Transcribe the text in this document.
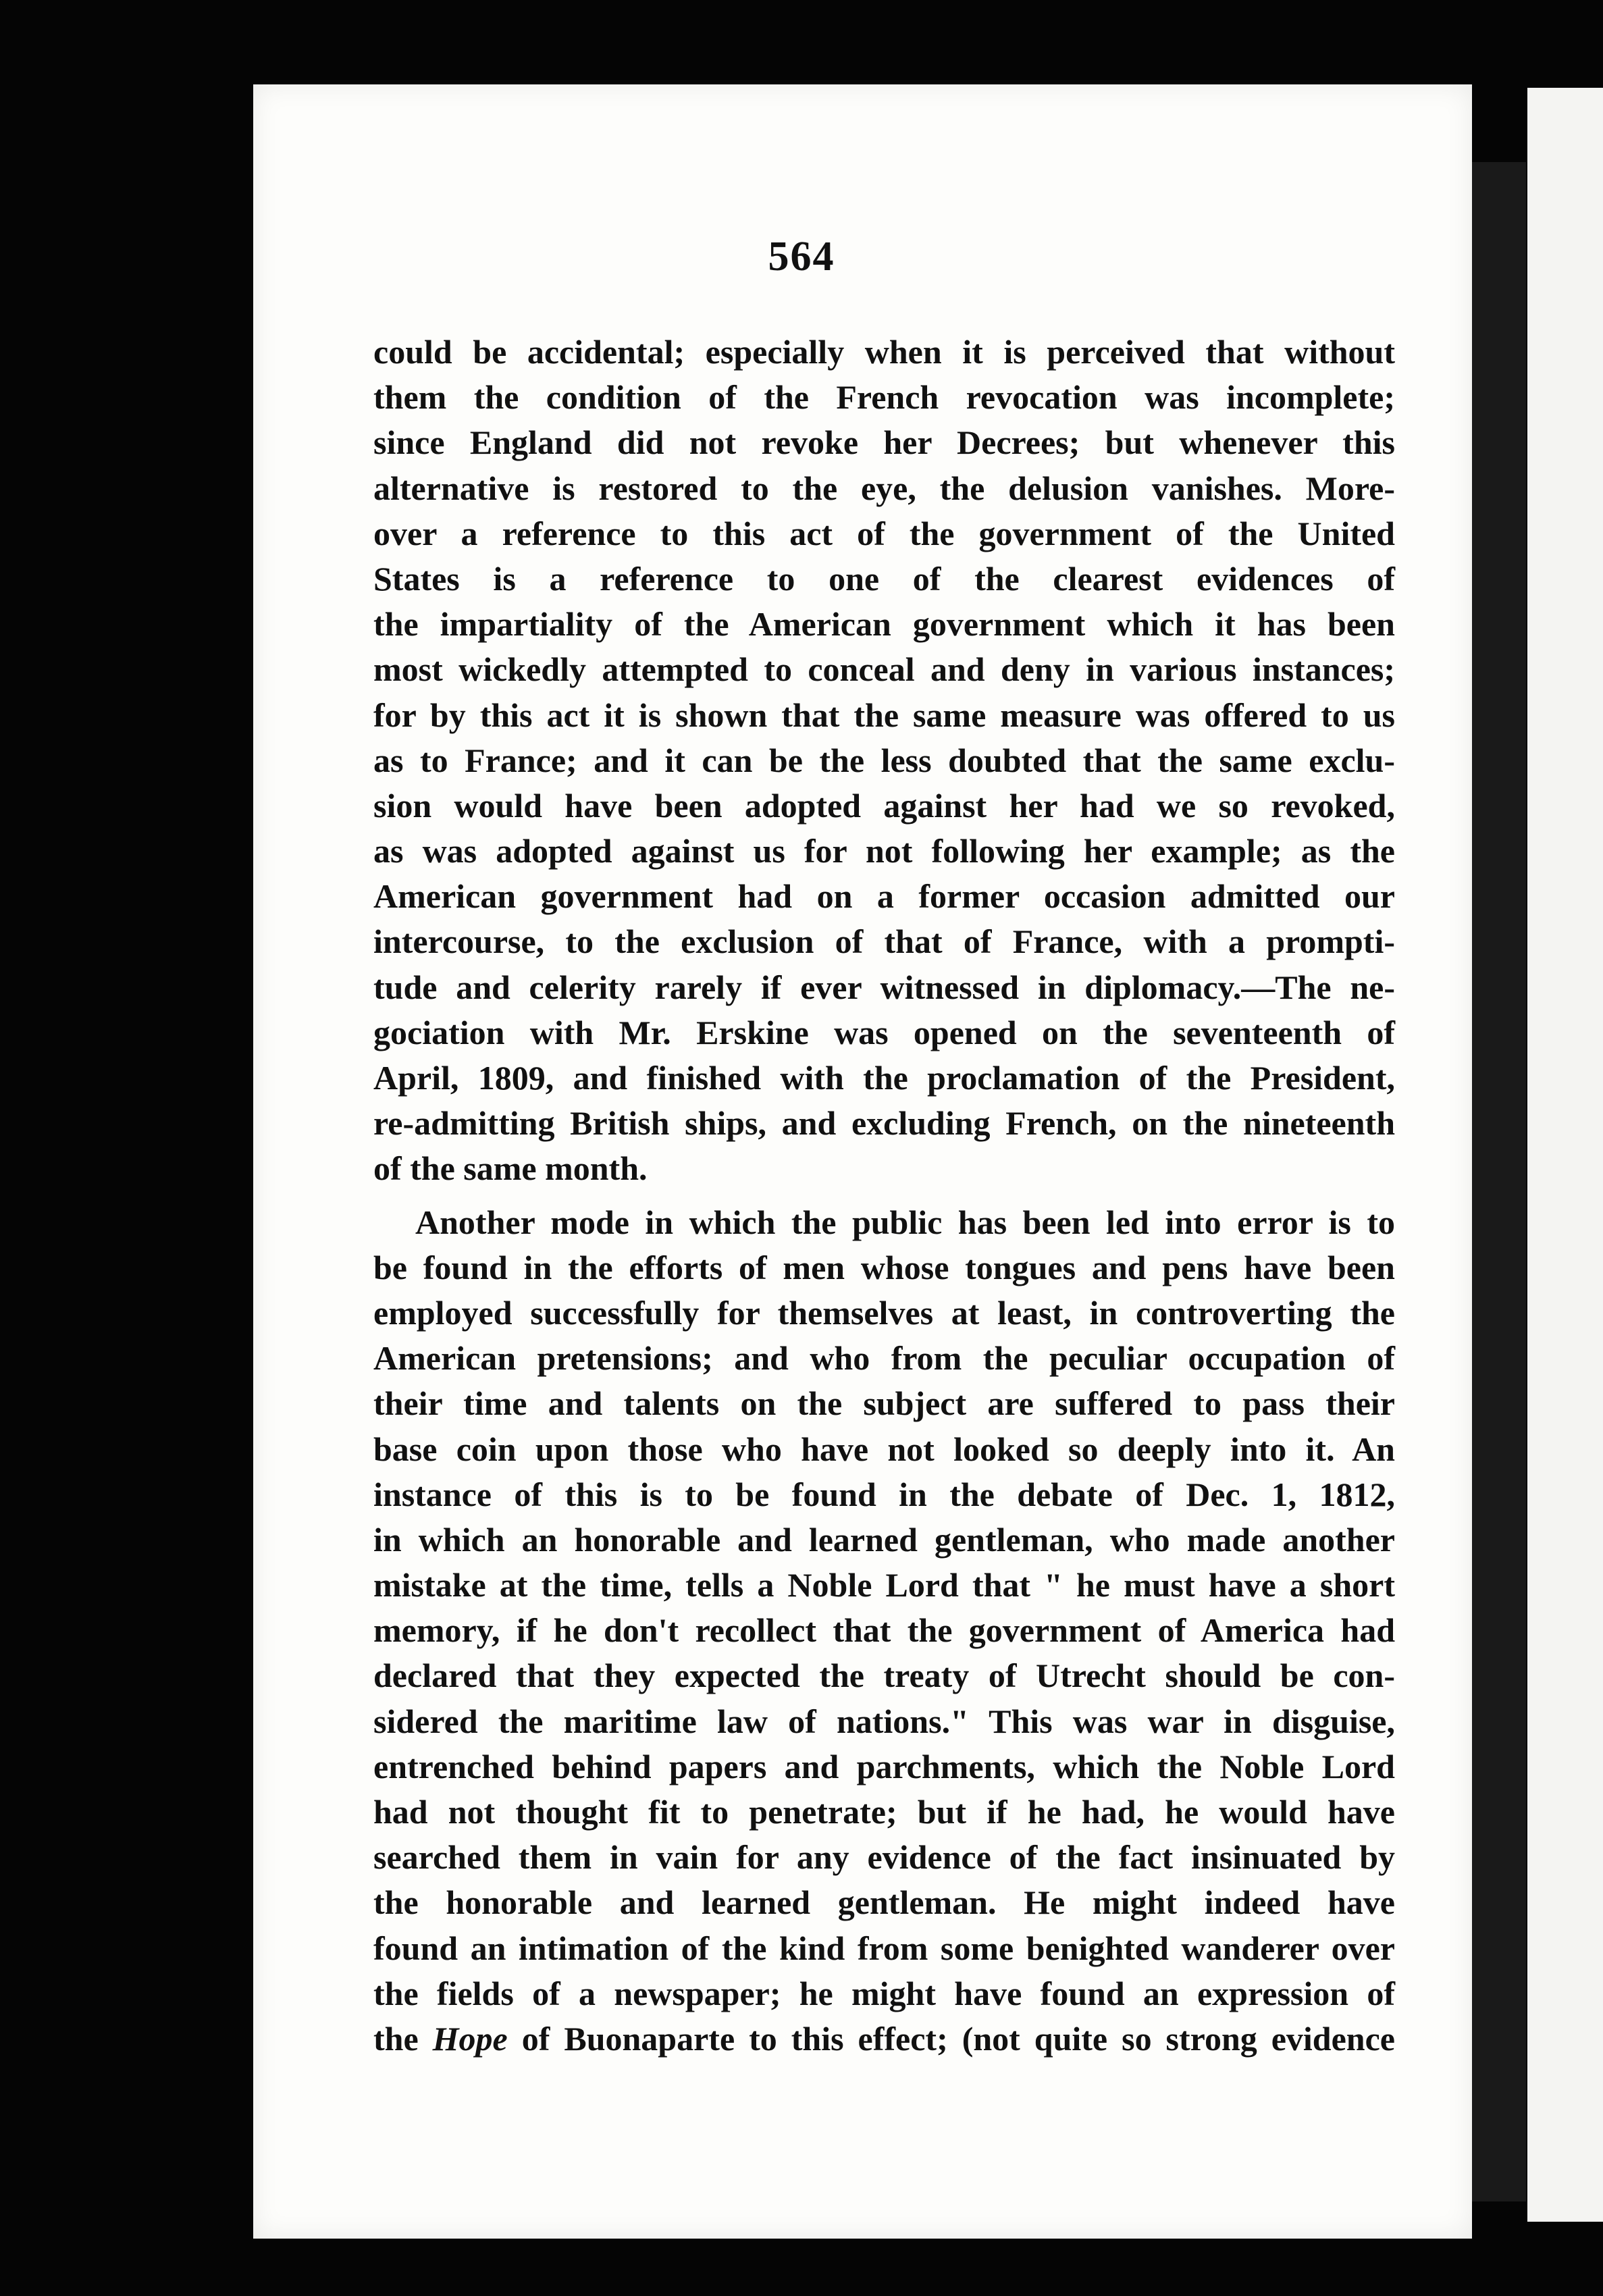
564
could be accidental; especially when it is perceived that without
them the condition of the French revocation was incomplete;
since England did not revoke her Decrees; but whenever this
alternative is restored to the eye, the delusion vanishes. More-
over a reference to this act of the government of the United
States is a reference to one of the clearest evidences of
the impartiality of the American government which it has been
most wickedly attempted to conceal and deny in various instances;
for by this act it is shown that the same measure was offered to us
as to France; and it can be the less doubted that the same exclu-
sion would have been adopted against her had we so revoked,
as was adopted against us for not following her example; as the
American government had on a former occasion admitted our
intercourse, to the exclusion of that of France, with a prompti-
tude and celerity rarely if ever witnessed in diplomacy.—The ne-
gociation with Mr. Erskine was opened on the seventeenth of
April, 1809, and finished with the proclamation of the President,
re-admitting British ships, and excluding French, on the nineteenth
of the same month.
Another mode in which the public has been led into error is to
be found in the efforts of men whose tongues and pens have been
employed successfully for themselves at least, in controverting the
American pretensions; and who from the peculiar occupation of
their time and talents on the subject are suffered to pass their
base coin upon those who have not looked so deeply into it. An
instance of this is to be found in the debate of Dec. 1, 1812,
in which an honorable and learned gentleman, who made another
mistake at the time, tells a Noble Lord that " he must have a short
memory, if he don't recollect that the government of America had
declared that they expected the treaty of Utrecht should be con-
sidered the maritime law of nations." This was war in disguise,
entrenched behind papers and parchments, which the Noble Lord
had not thought fit to penetrate; but if he had, he would have
searched them in vain for any evidence of the fact insinuated by
the honorable and learned gentleman. He might indeed have
found an intimation of the kind from some benighted wanderer over
the fields of a newspaper; he might have found an expression of
the Hope of Buonaparte to this effect; (not quite so strong evidence
